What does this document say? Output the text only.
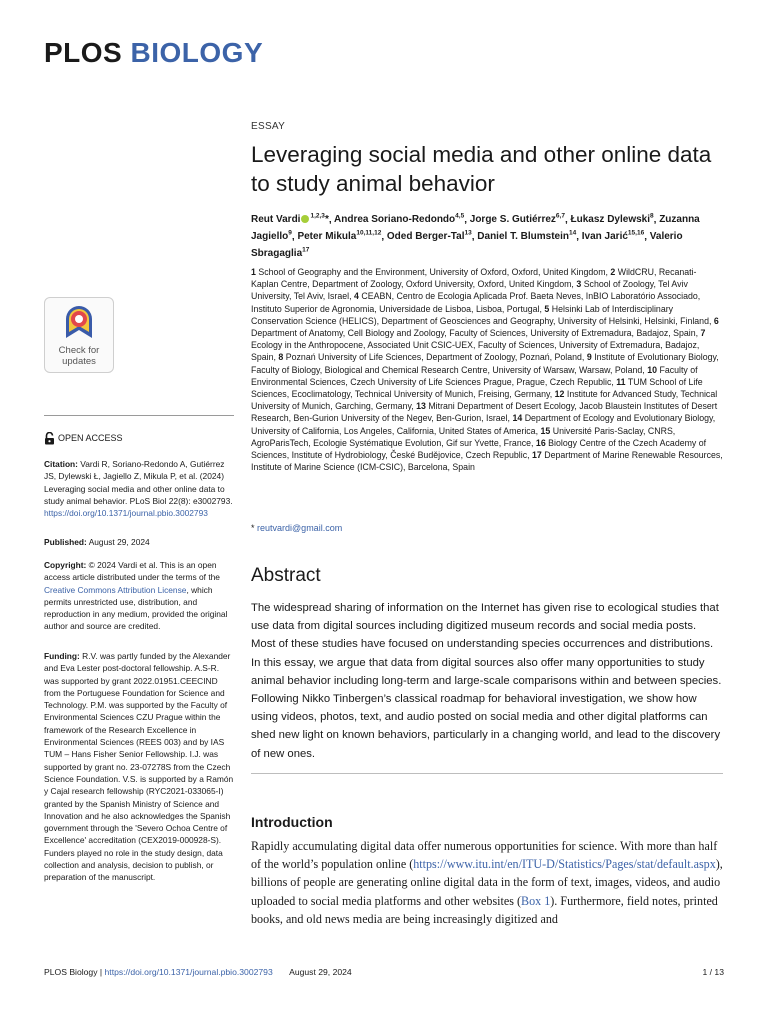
PLOS BIOLOGY
Check for
updates
OPEN ACCESS
Citation: Vardi R, Soriano-Redondo A, Gutiérrez JS, Dylewski Ł, Jagiello Z, Mikula P, et al. (2024) Leveraging social media and other online data to study animal behavior. PLoS Biol 22(8): e3002793. https://doi.org/10.1371/journal.pbio.3002793
Published: August 29, 2024
Copyright: © 2024 Vardi et al. This is an open access article distributed under the terms of the Creative Commons Attribution License, which permits unrestricted use, distribution, and reproduction in any medium, provided the original author and source are credited.
Funding: R.V. was partly funded by the Alexander and Eva Lester post-doctoral fellowship. A.S-R. was supported by grant 2022.01951.CEECIND from the Portuguese Foundation for Science and Technology. P.M. was supported by the Faculty of Environmental Sciences CZU Prague within the framework of the Research Excellence in Environmental Sciences (REES 003) and by IAS TUM – Hans Fisher Senior Fellowship. I.J. was supported by grant no. 23-07278S from the Czech Science Foundation. V.S. is supported by a Ramón y Cajal research fellowship (RYC2021-033065-I) granted by the Spanish Ministry of Science and Innovation and he also acknowledges the Spanish government through the 'Severo Ochoa Centre of Excellence' accreditation (CEX2019-000928-S). Funders played no role in the study design, data collection and analysis, decision to publish, or preparation of the manuscript.
ESSAY
Leveraging social media and other online data
to study animal behavior
Reut Vardi $^{1,2,3}$*, Andrea Soriano-Redondo$^{4,5}$, Jorge S. Gutiérrez$^{6,7}$, Łukasz Dylewski$^8$, Zuzanna Jagiello$^9$, Peter Mikula$^{10,11,12}$, Oded Berger-Tal$^{13}$, Daniel T. Blumstein$^{14}$, Ivan Jarić$^{15,16}$, Valerio Sbragaglia$^{17}$
1 School of Geography and the Environment, University of Oxford, Oxford, United Kingdom, 2 WildCRU, Recanati-Kaplan Centre, Department of Zoology, Oxford University, Oxford, United Kingdom, 3 School of Zoology, Tel Aviv University, Tel Aviv, Israel, 4 CEABN, Centro de Ecologia Aplicada Prof. Baeta Neves, InBIO Laboratório Associado, Instituto Superior de Agronomia, Universidade de Lisboa, Lisboa, Portugal, 5 Helsinki Lab of Interdisciplinary Conservation Science (HELICS), Department of Geosciences and Geography, University of Helsinki, Helsinki, Finland, 6 Department of Anatomy, Cell Biology and Zoology, Faculty of Sciences, University of Extremadura, Badajoz, Spain, 7 Ecology in the Anthropocene, Associated Unit CSIC-UEX, Faculty of Sciences, University of Extremadura, Badajoz, Spain, 8 Poznań University of Life Sciences, Department of Zoology, Poznań, Poland, 9 Institute of Evolutionary Biology, Faculty of Biology, Biological and Chemical Research Centre, University of Warsaw, Warsaw, Poland, 10 Faculty of Environmental Sciences, Czech University of Life Sciences Prague, Prague, Czech Republic, 11 TUM School of Life Sciences, Ecoclimatology, Technical University of Munich, Freising, Germany, 12 Institute for Advanced Study, Technical University of Munich, Garching, Germany, 13 Mitrani Department of Desert Ecology, Jacob Blaustein Institutes of Desert Research, Ben-Gurion University of the Negev, Ben-Gurion, Israel, 14 Department of Ecology and Evolutionary Biology, University of California, Los Angeles, California, United States of America, 15 Université Paris-Saclay, CNRS, AgroParisTech, Ecologie Systématique Evolution, Gif sur Yvette, France, 16 Biology Centre of the Czech Academy of Sciences, Institute of Hydrobiology, České Budějovice, Czech Republic, 17 Department of Marine Renewable Resources, Institute of Marine Science (ICM-CSIC), Barcelona, Spain
* reutvardi@gmail.com
Abstract

The widespread sharing of information on the Internet has given rise to ecological studies that use data from digital sources including digitized museum records and social media posts. Most of these studies have focused on understanding species occurrences and distributions. In this essay, we argue that data from digital sources also offer many opportunities to study animal behavior including long-term and large-scale comparisons within and between species. Following Nikko Tinbergen’s classical roadmap for behavioral investigation, we show how using videos, photos, text, and audio posted on social media and other digital platforms can shed new light on known behaviors, particularly in a changing world, and lead to the discovery of new ones.

Introduction

Rapidly accumulating digital data offer numerous opportunities for science. With more than half of the world’s population online (https://www.itu.int/en/ITU-D/Statistics/Pages/stat/default.aspx), billions of people are generating online digital data in the form of text, images, videos, and audio uploaded to social media platforms and other websites (Box 1). Furthermore, field notes, printed books, and old news media are being increasingly digitized and

PLOS Biology | https://doi.org/10.1371/journal.pbio.3002793 August 29, 2024	1 / 13
